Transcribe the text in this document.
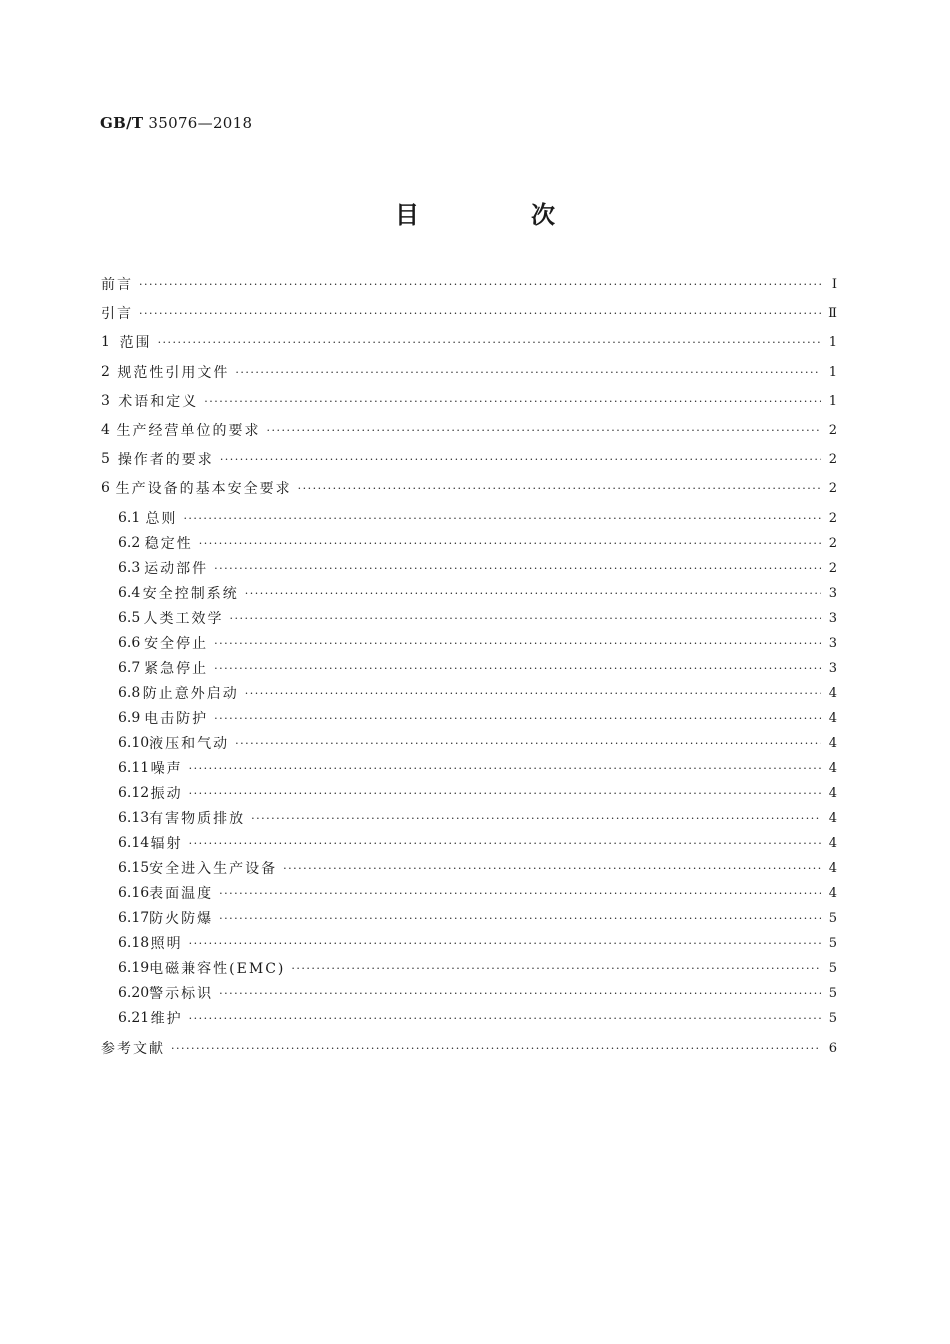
GB/T 35076—2018
目　次
前言 ·····	Ⅰ
引言 ·····	Ⅱ
1 范围 ·····	1
2 规范性引用文件 ·····	1
3 术语和定义 ·····	1
4 生产经营单位的要求 ·····	2
5 操作者的要求 ·····	2
6 生产设备的基本安全要求 ·····	2
6.1 总则 ·····	2
6.2 稳定性 ·····	2
6.3 运动部件 ·····	2
6.4 安全控制系统 ·····	3
6.5 人类工效学 ·····	3
6.6 安全停止 ·····	3
6.7 紧急停止 ·····	3
6.8 防止意外启动 ·····	4
6.9 电击防护 ·····	4
6.10 液压和气动 ·····	4
6.11 噪声 ·····	4
6.12 振动 ·····	4
6.13 有害物质排放 ·····	4
6.14 辐射 ·····	4
6.15 安全进入生产设备 ·····	4
6.16 表面温度 ·····	4
6.17 防火防爆 ·····	5
6.18 照明 ·····	5
6.19 电磁兼容性(EMC) ·····	5
6.20 警示标识 ·····	5
6.21 维护 ·····	5
参考文献 ·····	6
